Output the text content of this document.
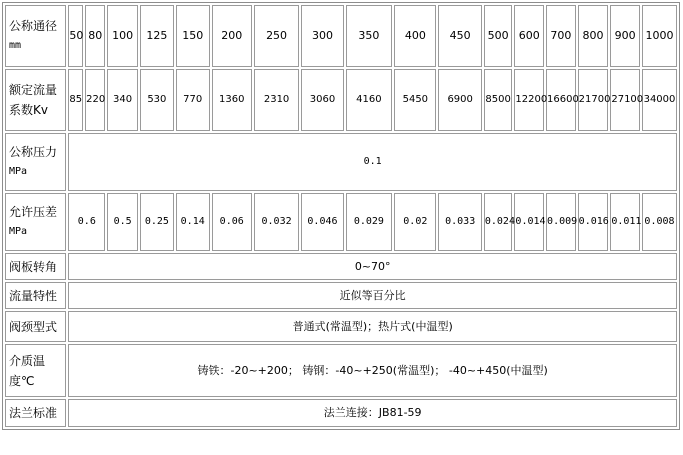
公称通径
mm	50	80	100	125	150	200	250	300	350	400	450	500	600	700	800	900	1000

额定流量
系数Kv	85	220	340	530	770	1360	2310	3060	4160	5450	6900	8500	12200	16600	21700	27100	34000

公称压力
MPa	0.1																

允许压差
MPa	0.6		0.5	0.25	0.14	0.06	0.032	0.046	0.029	0.02	0.033	0.024	0.014	0.009	0.016	0.011	0.008
阀板转角	0~70°																
流量特性	近似等百分比																
阀颈型式	普通式(常温型)；热片式(中温型)																

介质温
度℃	铸铁：-20~+200； 铸钢：-40~+250(常温型)； -40~+450(中温型)																
法兰标准	法兰连接：JB81-59																
